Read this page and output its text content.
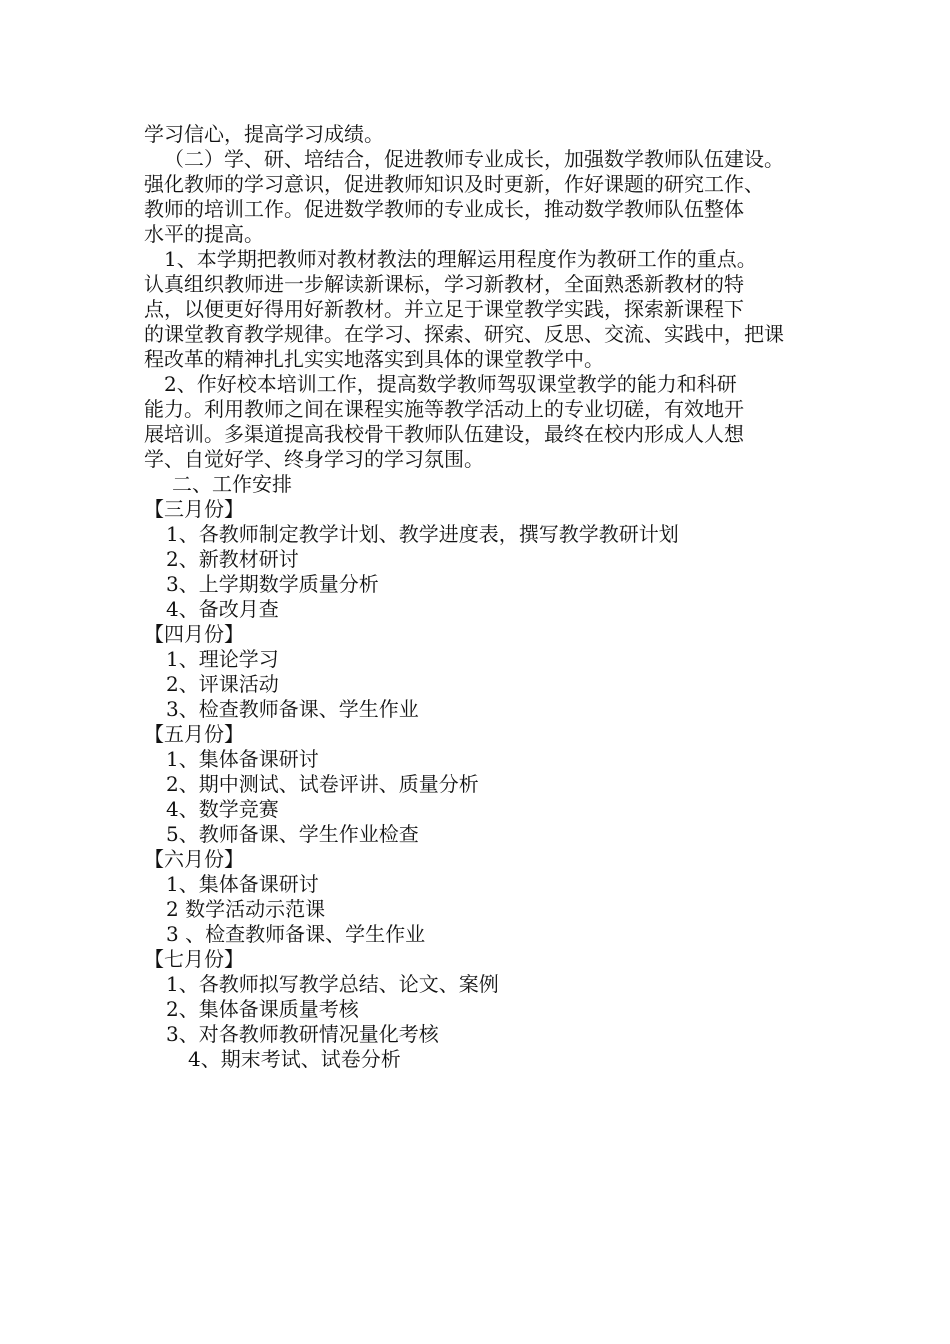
学习信心，提高学习成绩。
（二）学、研、培结合，促进教师专业成长，加强数学教师队伍建设。
强化教师的学习意识，促进教师知识及时更新，作好课题的研究工作、
教师的培训工作。促进数学教师的专业成长，推动数学教师队伍整体
水平的提高。
1、本学期把教师对教材教法的理解运用程度作为教研工作的重点。
认真组织教师进一步解读新课标，学习新教材，全面熟悉新教材的特
点，以便更好得用好新教材。并立足于课堂教学实践，探索新课程下
的课堂教育教学规律。在学习、探索、研究、反思、交流、实践中，把课
程改革的精神扎扎实实地落实到具体的课堂教学中。
2、作好校本培训工作，提高数学教师驾驭课堂教学的能力和科研
能力。利用教师之间在课程实施等教学活动上的专业切磋，有效地开
展培训。多渠道提高我校骨干教师队伍建设，最终在校内形成人人想
学、自觉好学、终身学习的学习氛围。
二、工作安排
【三月份】
1、各教师制定教学计划、教学进度表，撰写教学教研计划
2、新教材研讨
3、上学期数学质量分析
4、备改月查
【四月份】
1、理论学习
2、评课活动
3、检查教师备课、学生作业
【五月份】
1、集体备课研讨
2、期中测试、试卷评讲、质量分析
4、数学竞赛
5、教师备课、学生作业检查
【六月份】
1、集体备课研讨
2 数学活动示范课
3 、检查教师备课、学生作业
【七月份】
1、各教师拟写教学总结、论文、案例
2、集体备课质量考核
3、对各教师教研情况量化考核
4、期末考试、试卷分析
